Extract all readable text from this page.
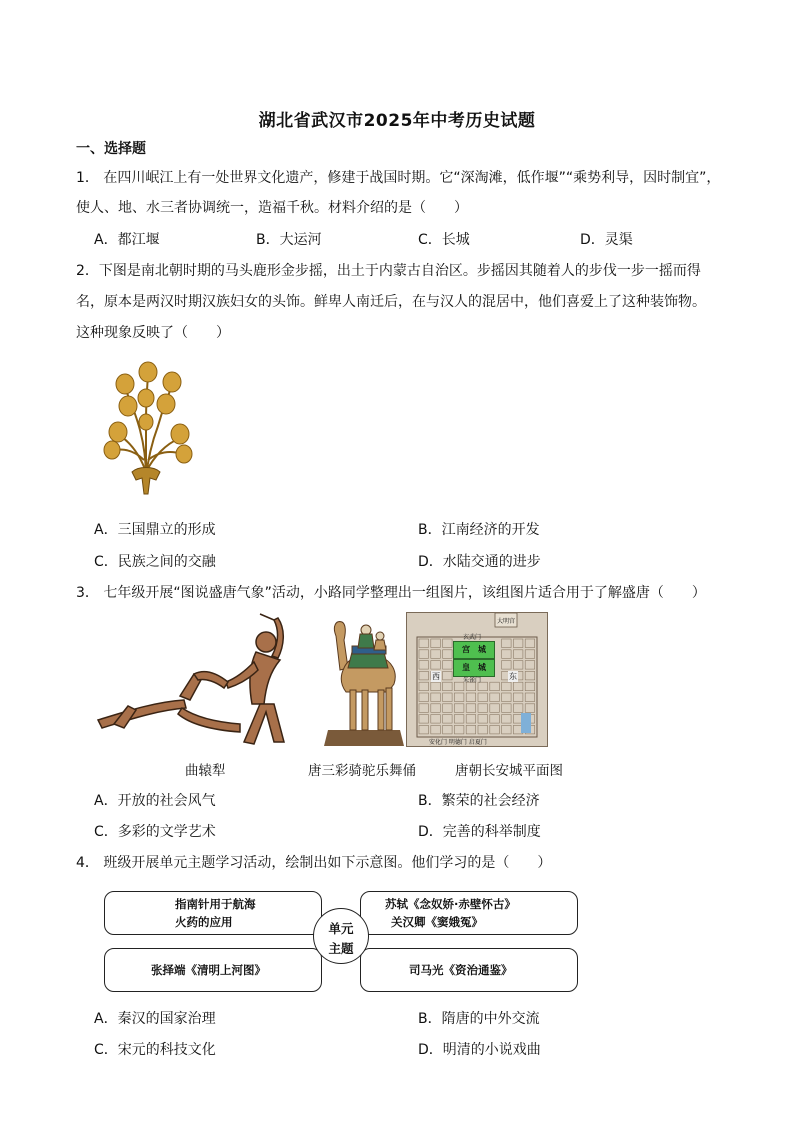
湖北省武汉市2025年中考历史试题
一、选择题
1． 在四川岷江上有一处世界文化遗产，修建于战国时期。它“深淘滩，低作堰”“乘势利导，因时制宜”，
使人、地、水三者协调统一，造福千秋。材料介绍的是（　　）
A．都江堰	B．大运河	C．长城	D．灵渠
2．下图是南北朝时期的马头鹿形金步摇，出土于内蒙古自治区。步摇因其随着人的步伐一步一摇而得
名，原本是两汉时期汉族妇女的头饰。鲜卑人南迁后，在与汉人的混居中，他们喜爱上了这种装饰物。
这种现象反映了（　　）
A．三国鼎立的形成	B．江南经济的开发
C．民族之间的交融	D．水陆交通的进步
3． 七年级开展“图说盛唐气象”活动，小路同学整理出一组图片，该组图片适合用于了解盛唐（　　）
宫　城
皇　城
玄武门
朱雀门
大明宫
东
西
安化门 明德门 启夏门
曲辕犁	唐三彩骑驼乐舞俑	唐朝长安城平面图
A．开放的社会风气	B．繁荣的社会经济
C．多彩的文学艺术	D．完善的科举制度
4． 班级开展单元主题学习活动，绘制出如下示意图。他们学习的是（　　）
指南针用于航海
火药的应用
苏轼《念奴娇·赤壁怀古》
关汉卿《窦娥冤》
张择端《清明上河图》	司马光《资治通鉴》
单元
主题
A．秦汉的国家治理	B．隋唐的中外交流
C．宋元的科技文化	D．明清的小说戏曲
